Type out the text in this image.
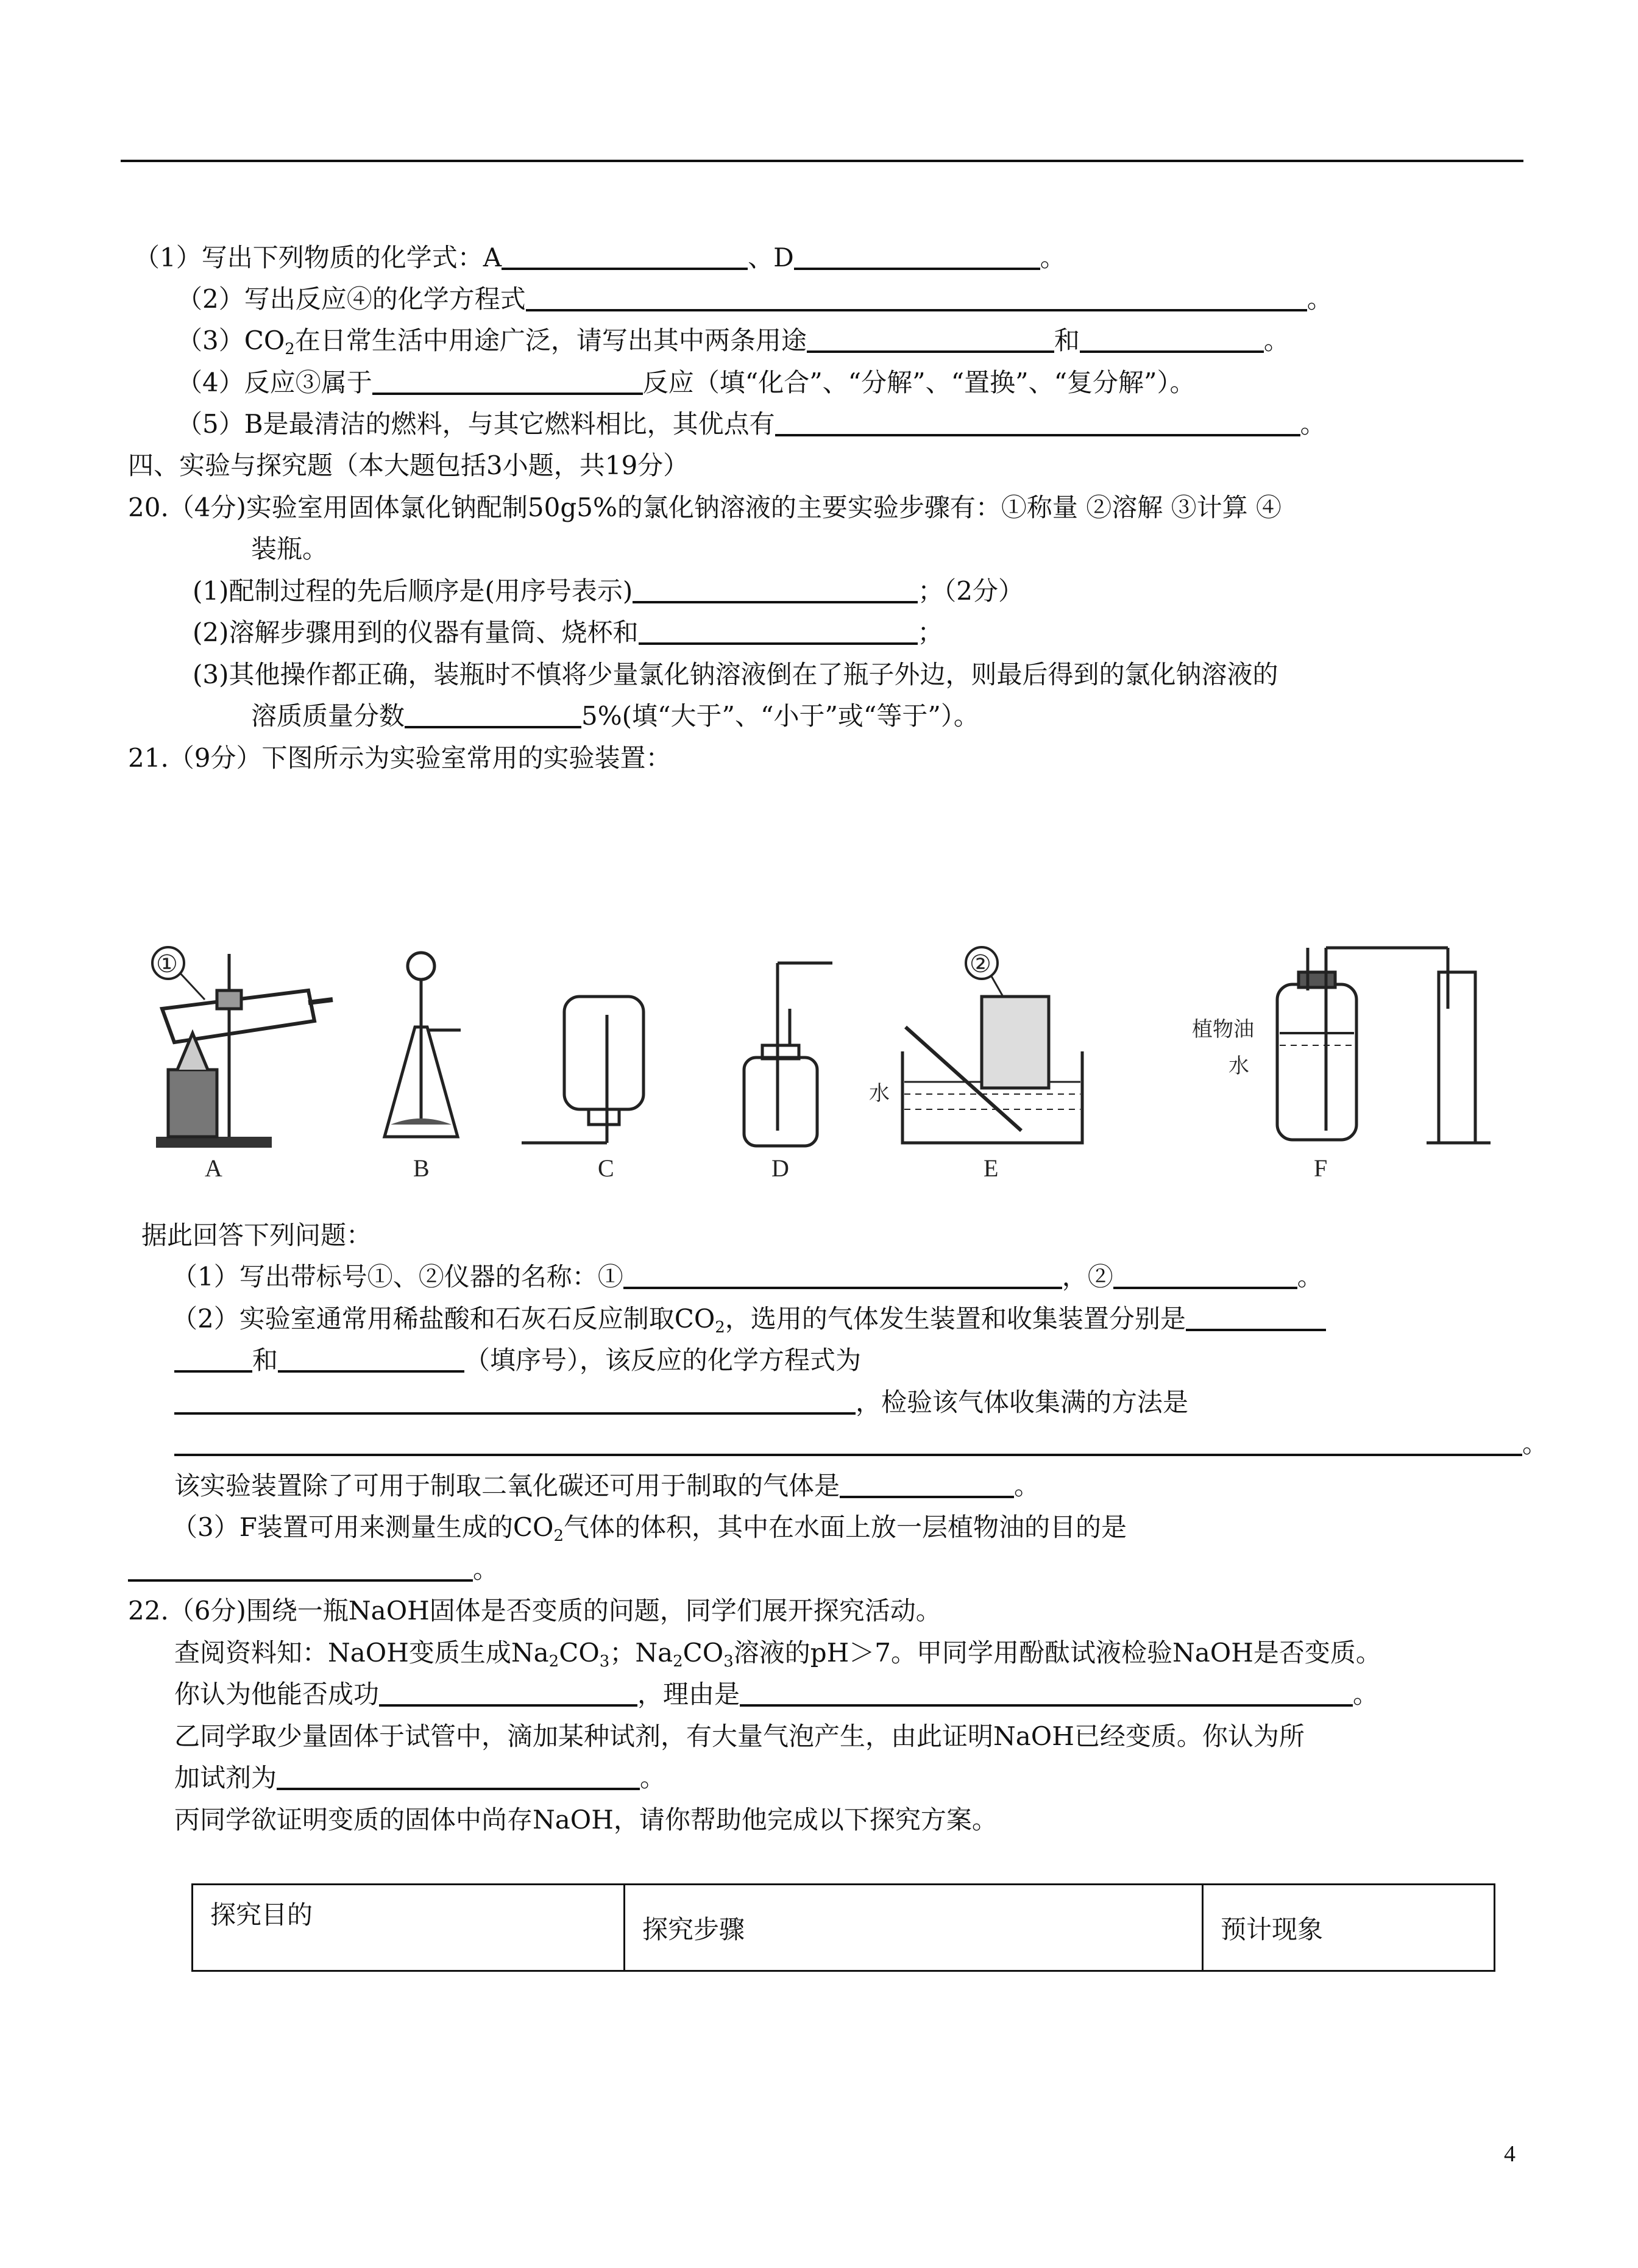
（1）写出下列物质的化学式：A	、D	。
（2）写出反应④的化学方程式	。
$(3)CO_2$在日常生活中用途广泛，请写出其中两条用途	和	。
（4）反应③属于	反应（填“化合”、“分解”、“置换”、“复分解”）。
（5）B是最清洁的燃料，与其它燃料相比，其优点有	。
四、实验与探究题（本大题包括3小题，共19分）
20.（4分)实验室用固体氯化钠配制50g5%的氯化钠溶液的主要实验步骤有：①称量 ②溶解 ③计算 ④
装瓶。
(1)配制过程的先后顺序是(用序号表示)	；（2分）
(2)溶解步骤用到的仪器有量筒、烧杯和	；
(3)其他操作都正确，装瓶时不慎将少量氯化钠溶液倒在了瓶子外边，则最后得到的氯化钠溶液的
溶质质量分数	5%(填“大于”、“小于”或“等于”）。
21.（9分）下图所示为实验室常用的实验装置：
A	B	C	D	E	F
①	②
水
植物油
水
据此回答下列问题：
（1）写出带标号①、②仪器的名称：①	，②	。
（2）实验室通常用稀盐酸和石灰石反应制取$CO_2$，选用的气体发生装置和收集装置分别是
和	（填序号），该反应的化学方程式为
，检验该气体收集满的方法是
。
该实验装置除了可用于制取二氧化碳还可用于制取的气体是	。
（3）F装置可用来测量生成的$CO_2$气体的体积，其中在水面上放一层植物油的目的是
。
22.（6分)围绕一瓶NaOH固体是否变质的问题，同学们展开探究活动。
查阅资料知：NaOH变质生成$Na_2CO_3$；$Na_2CO_3$溶液的pH＞7。甲同学用酚酞试液检验NaOH是否变质。
你认为他能否成功	，理由是	。
乙同学取少量固体于试管中，滴加某种试剂，有大量气泡产生，由此证明NaOH已经变质。你认为所
加试剂为	。
丙同学欲证明变质的固体中尚存NaOH，请你帮助他完成以下探究方案。
探究目的	探究步骤	预计现象
4
